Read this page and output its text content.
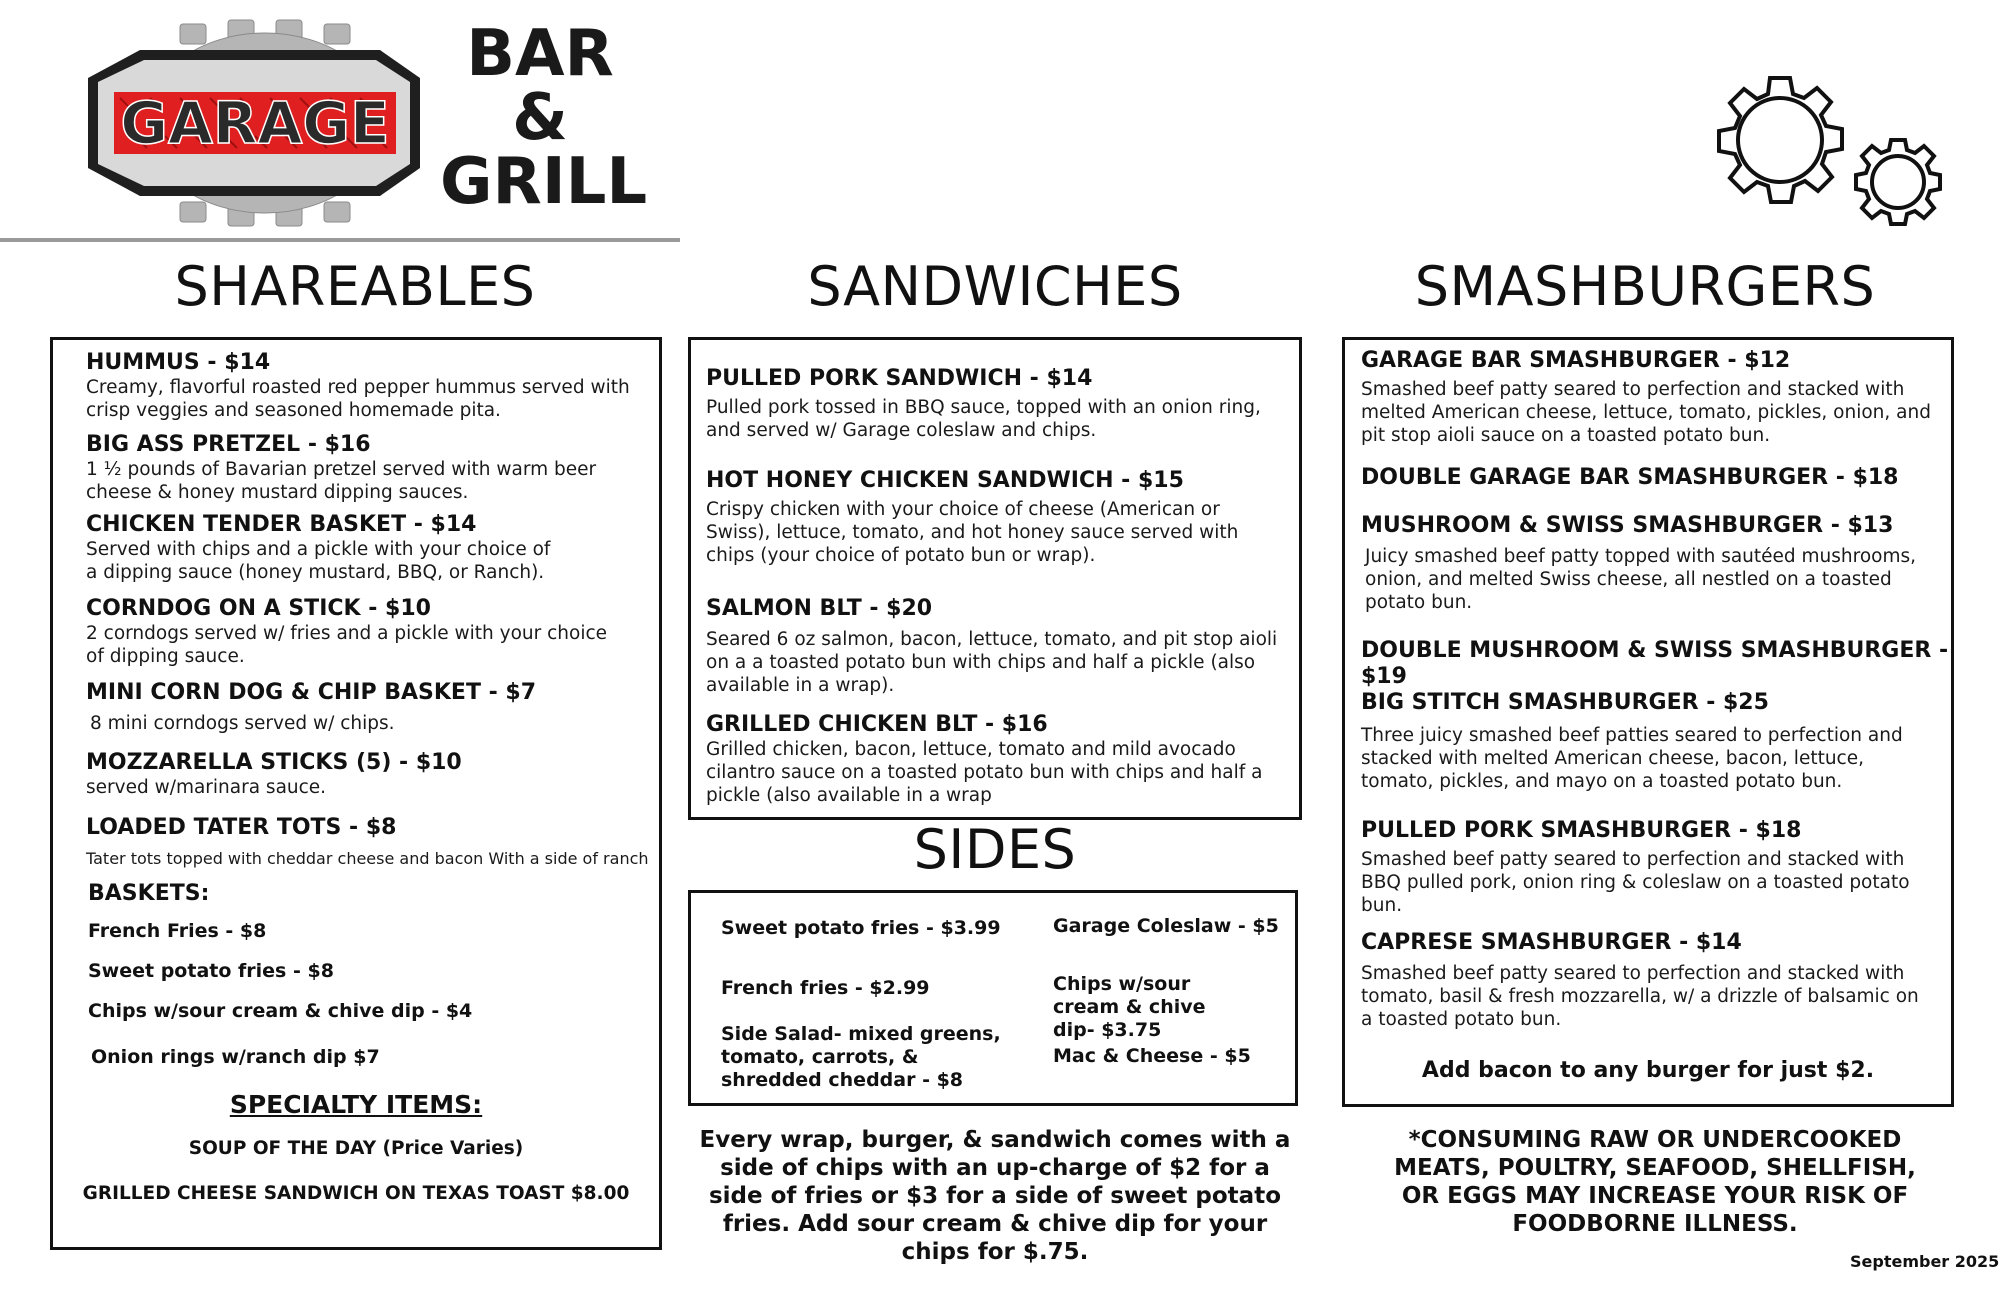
GARAGE
BAR
&
GRILL
SHAREABLES
HUMMUS - $14
Creamy, flavorful roasted red pepper hummus served with crisp veggies and seasoned homemade pita.
BIG ASS PRETZEL - $16
1 ½ pounds of Bavarian pretzel served with warm beer cheese & honey mustard dipping sauces.
CHICKEN TENDER BASKET - $14
Served with chips and a pickle with your choice of a dipping sauce (honey mustard, BBQ, or Ranch).
CORNDOG ON A STICK - $10
2 corndogs served w/ fries and a pickle with your choice of dipping sauce.
MINI CORN DOG & CHIP BASKET - $7
8 mini corndogs served w/ chips.
MOZZARELLA STICKS (5) - $10
served w/marinara sauce.
LOADED TATER TOTS - $8
Tater tots topped with cheddar cheese and bacon With a side of ranch
BASKETS:
French Fries - $8
Sweet potato fries - $8
Chips w/sour cream & chive dip - $4
Onion rings w/ranch dip $7
SPECIALTY ITEMS:
SOUP OF THE DAY (Price Varies)
GRILLED CHEESE SANDWICH ON TEXAS TOAST $8.00
SANDWICHES
PULLED PORK SANDWICH - $14
Pulled pork tossed in BBQ sauce, topped with an onion ring, and served w/ Garage coleslaw and chips.
HOT HONEY CHICKEN SANDWICH - $15
Crispy chicken with your choice of cheese (American or Swiss), lettuce, tomato, and hot honey sauce served with chips (your choice of potato bun or wrap).
SALMON BLT - $20
Seared 6 oz salmon, bacon, lettuce, tomato, and pit stop aioli on a a toasted potato bun with chips and half a pickle (also available in a wrap).
GRILLED CHICKEN BLT - $16
Grilled chicken, bacon, lettuce, tomato and mild avocado cilantro sauce on a toasted potato bun with chips and half a pickle (also available in a wrap
SIDES
Sweet potato fries - $3.99
French fries - $2.99
Side Salad- mixed greens, tomato, carrots, & shredded cheddar - $8
Garage Coleslaw - $5
Chips w/sour cream & chive dip- $3.75
Mac & Cheese - $5
Every wrap, burger, & sandwich comes with a side of chips with an up-charge of $2 for a side of fries or $3 for a side of sweet potato fries. Add sour cream & chive dip for your chips for $.75.
SMASHBURGERS
GARAGE BAR SMASHBURGER - $12
Smashed beef patty seared to perfection and stacked with melted American cheese, lettuce, tomato, pickles, onion, and pit stop aioli sauce on a toasted potato bun.
DOUBLE GARAGE BAR SMASHBURGER - $18
MUSHROOM & SWISS SMASHBURGER - $13
Juicy smashed beef patty topped with sautéed mushrooms, onion, and melted Swiss cheese, all nestled on a toasted potato bun.
DOUBLE MUSHROOM & SWISS SMASHBURGER - $19
BIG STITCH SMASHBURGER - $25
Three juicy smashed beef patties seared to perfection and stacked with melted American cheese, bacon, lettuce, tomato, pickles, and mayo on a toasted potato bun.
PULLED PORK SMASHBURGER - $18
Smashed beef patty seared to perfection and stacked with BBQ pulled pork, onion ring & coleslaw on a toasted potato bun.
CAPRESE SMASHBURGER - $14
Smashed beef patty seared to perfection and stacked with tomato, basil & fresh mozzarella, w/ a drizzle of balsamic on a toasted potato bun.
Add bacon to any burger for just $2.
*CONSUMING RAW OR UNDERCOOKED MEATS, POULTRY, SEAFOOD, SHELLFISH, OR EGGS MAY INCREASE YOUR RISK OF FOODBORNE ILLNESS.
September 2025
